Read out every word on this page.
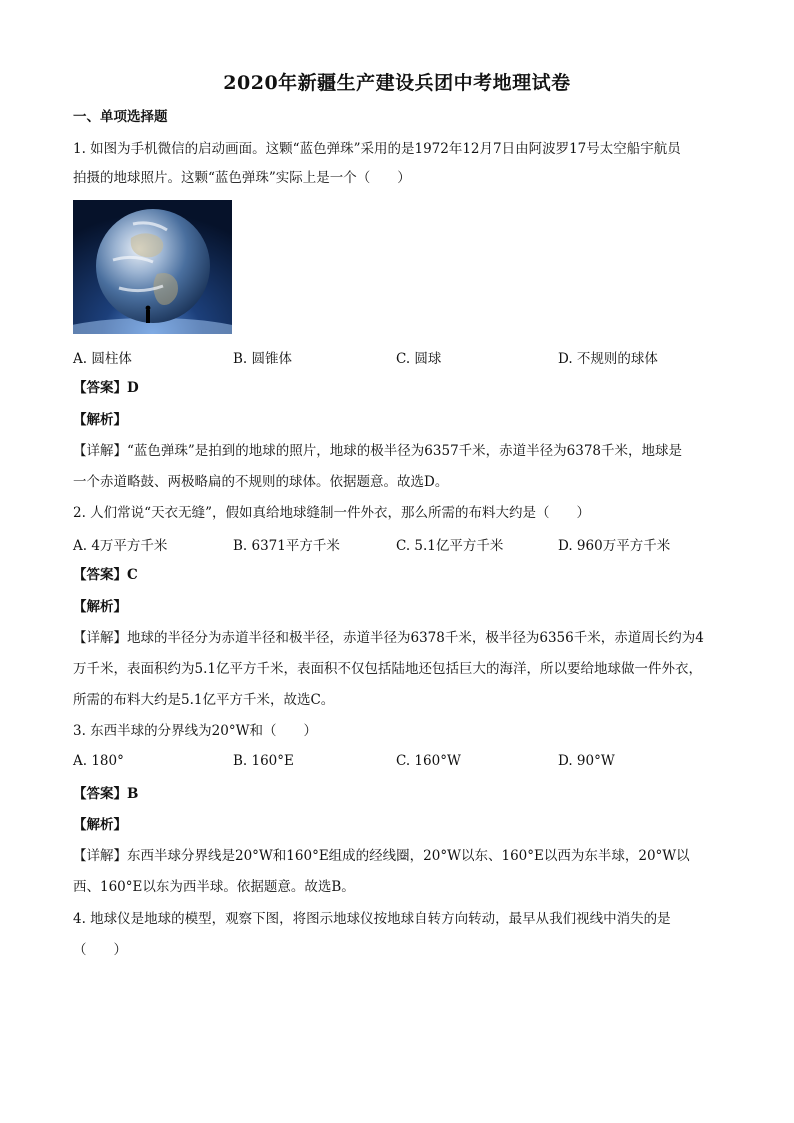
2020年新疆生产建设兵团中考地理试卷
一、单项选择题
1. 如图为手机微信的启动画面。这颗“蓝色弹珠”采用的是1972年12月7日由阿波罗17号太空船宇航员
拍摄的地球照片。这颗“蓝色弹珠”实际上是一个（　　）
A. 圆柱体	B. 圆锥体	C. 圆球	D. 不规则的球体
【答案】D
【解析】
【详解】“蓝色弹珠”是拍到的地球的照片，地球的极半径为6357千米，赤道半径为6378千米，地球是
一个赤道略鼓、两极略扁的不规则的球体。依据题意。故选D。
2. 人们常说“天衣无缝”，假如真给地球缝制一件外衣，那么所需的布料大约是（　　）
A. 4万平方千米	B. 6371平方千米	C. 5.1亿平方千米	D. 960万平方千米
【答案】C
【解析】
【详解】地球的半径分为赤道半径和极半径，赤道半径为6378千米，极半径为6356千米，赤道周长约为4
万千米，表面积约为5.1亿平方千米，表面积不仅包括陆地还包括巨大的海洋，所以要给地球做一件外衣，
所需的布料大约是5.1亿平方千米，故选C。
3. 东西半球的分界线为20°W和（　　）
A. 180°	B. 160°E	C. 160°W	D. 90°W
【答案】B
【解析】
【详解】东西半球分界线是20°W和160°E组成的经线圈，20°W以东、160°E以西为东半球，20°W以
西、160°E以东为西半球。依据题意。故选B。
4. 地球仪是地球的模型，观察下图，将图示地球仪按地球自转方向转动，最早从我们视线中消失的是
（　　）
